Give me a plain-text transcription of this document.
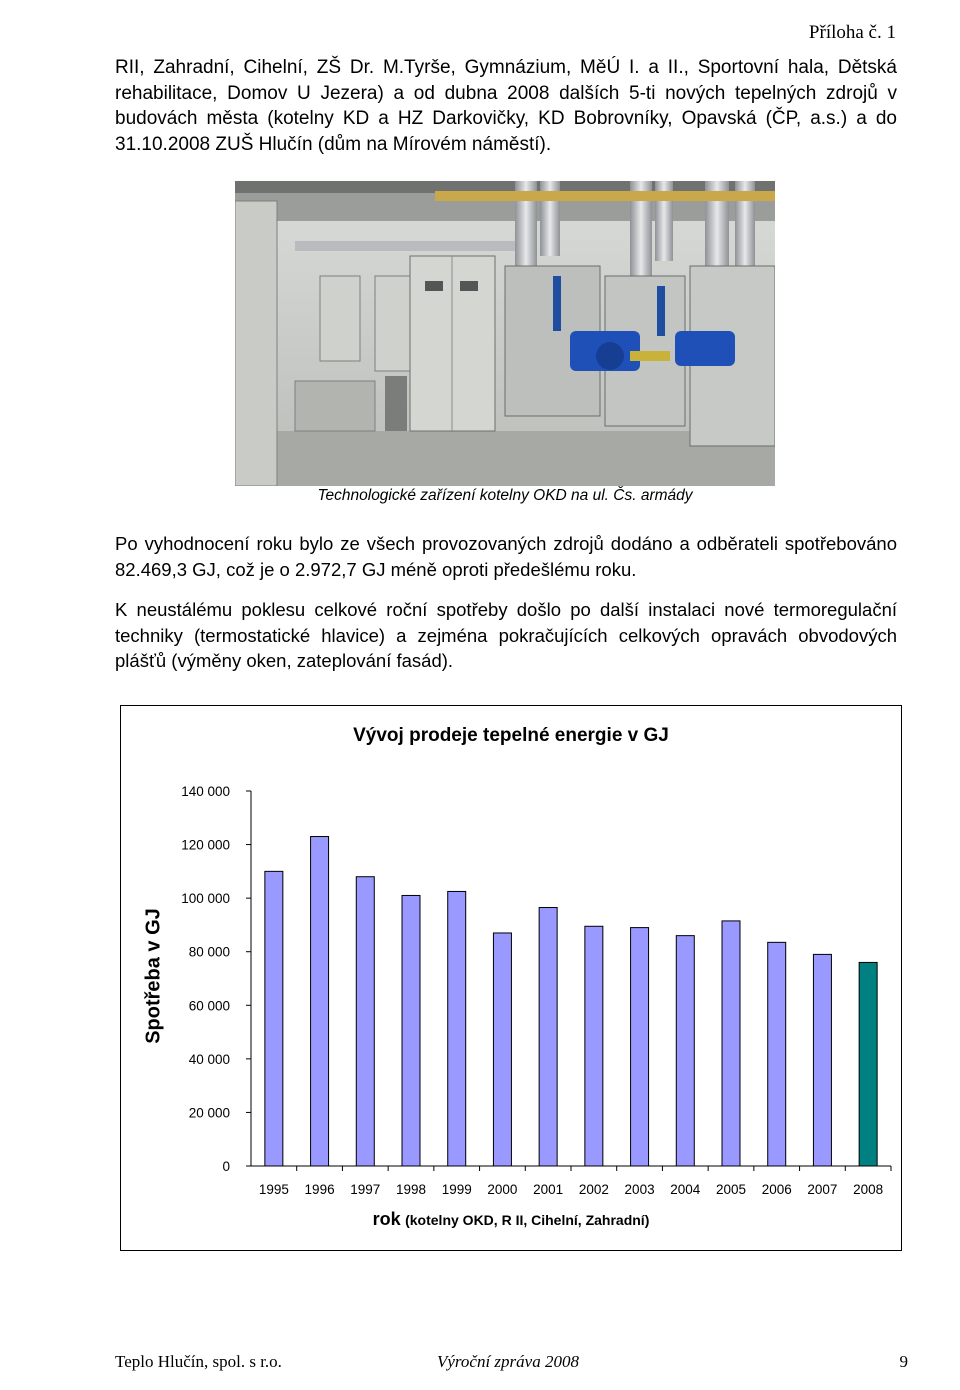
Příloha č. 1

RII, Zahradní, Cihelní, ZŠ Dr. M.Tyrše, Gymnázium, MěÚ I. a II., Sportovní hala, Dětská rehabilitace, Domov U Jezera) a od dubna 2008 dalších 5-ti nových tepelných zdrojů v budovách města (kotelny KD a HZ Darkovičky, KD Bobrovníky, Opavská (ČP, a.s.) a do 31.10.2008 ZUŠ Hlučín (dům na Mírovém náměstí).

Technologické zařízení kotelny OKD na ul. Čs. armády

Po vyhodnocení roku bylo ze všech provozovaných zdrojů dodáno a odběrateli spotřebováno 82.469,3 GJ, což je o 2.972,7 GJ méně oproti předešlému roku.

K neustálému poklesu celkové roční spotřeby došlo po další instalaci nové termoregulační techniky (termostatické hlavice) a zejména pokračujících celkových opravách obvodových plášťů (výměny oken, zateplování fasád).

Vývoj prodeje tepelné energie v GJ
Spotřeba v GJ
0
20 000
40 000
60 000
80 000
100 000
120 000
140 000
1995 1996 1997 1998 1999 2000 2001 2002 2003 2004 2005 2006 2007 2008
rok (kotelny OKD, R II, Cihelní, Zahradní)
Teplo Hlučín, spol. s r.o.	Výroční zpráva 2008	9
